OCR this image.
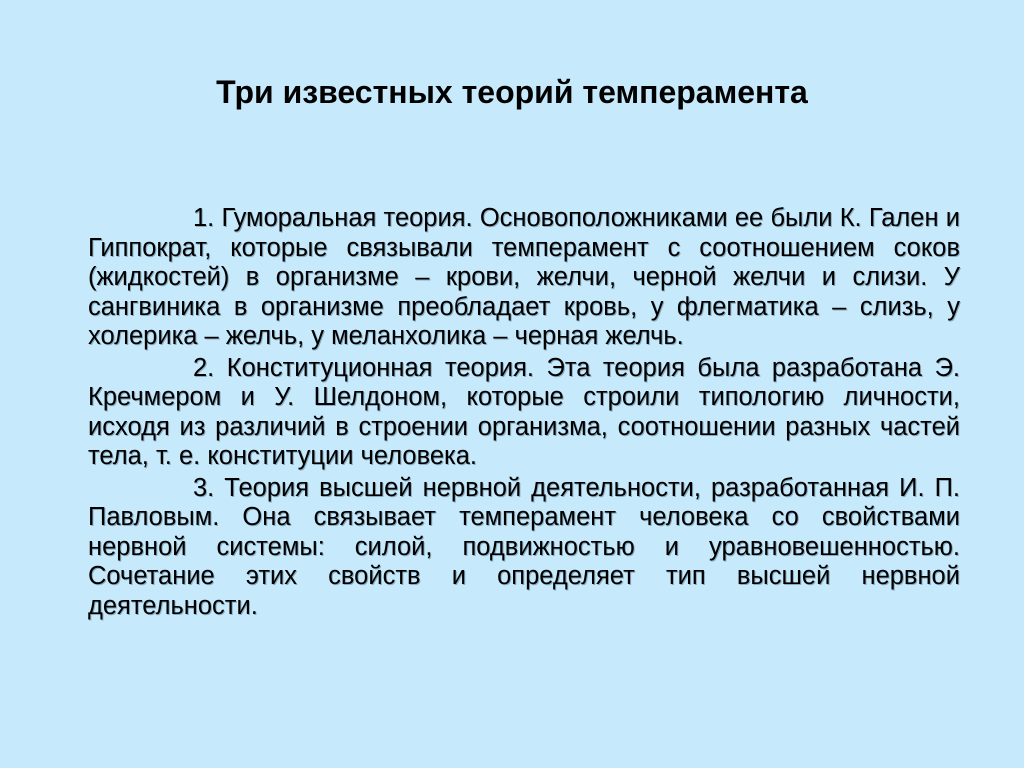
Три известных теорий темперамента

1. Гуморальная теория. Основоположниками ее были К. Гален и Гиппократ, которые связывали темперамент с соотношением соков (жидкостей) в организме – крови, желчи, черной желчи и слизи. У сангвиника в организме преобладает кровь, у флегматика – слизь, у холерика – желчь, у меланхолика – черная желчь.

2. Конституционная теория. Эта теория была разработана Э. Кречмером и У. Шелдоном, которые строили типологию личности, исходя из различий в строении организма, соотношении разных частей тела, т. е. конституции человека.

3. Теория высшей нервной деятельности, разработанная И. П. Павловым. Она связывает темперамент человека со свойствами нервной системы: силой, подвижностью и уравновешенностью. Сочетание этих свойств и определяет тип высшей нервной деятельности.
